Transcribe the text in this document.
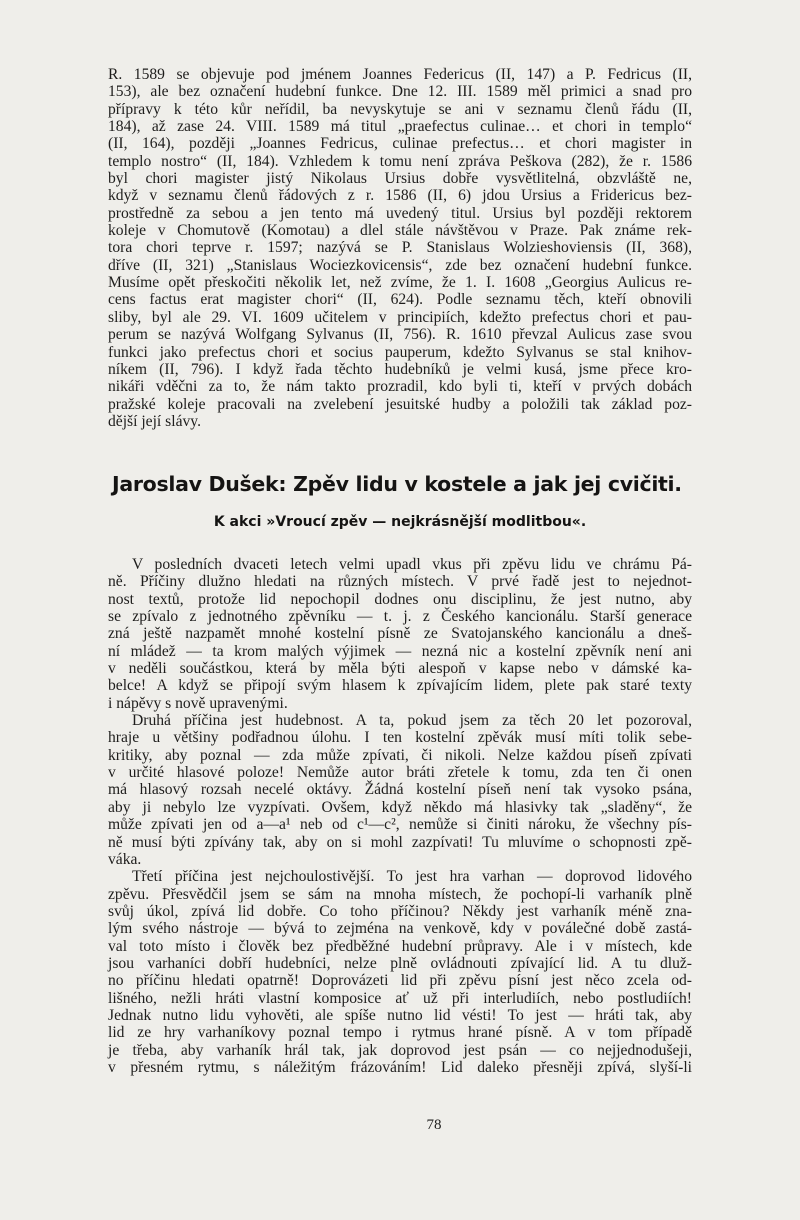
R. 1589 se objevuje pod jménem Joannes Federicus (II, 147) a P. Fedricus (II,
153), ale bez označení hudební funkce. Dne 12. III. 1589 měl primici a snad pro
přípravy k této kůr neřídil, ba nevyskytuje se ani v seznamu členů řádu (II,
184), až zase 24. VIII. 1589 má titul „praefectus culinae… et chori in templo“
(II, 164), později „Joannes Fedricus, culinae prefectus… et chori magister in
templo nostro“ (II, 184). Vzhledem k tomu není zpráva Peškova (282), že r. 1586
byl chori magister jistý Nikolaus Ursius dobře vysvětlitelná, obzvláště ne,
když v seznamu členů řádových z r. 1586 (II, 6) jdou Ursius a Fridericus bez-
prostředně za sebou a jen tento má uvedený titul. Ursius byl později rektorem
koleje v Chomutově (Komotau) a dlel stále návštěvou v Praze. Pak známe rek-
tora chori teprve r. 1597; nazývá se P. Stanislaus Wolzieshoviensis (II, 368),
dříve (II, 321) „Stanislaus Wociezkovicensis“, zde bez označení hudební funkce.
Musíme opět přeskočiti několik let, než zvíme, že 1. I. 1608 „Georgius Aulicus re-
cens factus erat magister chori“ (II, 624). Podle seznamu těch, kteří obnovili
sliby, byl ale 29. VI. 1609 učitelem v principiích, kdežto prefectus chori et pau-
perum se nazývá Wolfgang Sylvanus (II, 756). R. 1610 převzal Aulicus zase svou
funkci jako prefectus chori et socius pauperum, kdežto Sylvanus se stal knihov-
níkem (II, 796). I když řada těchto hudebníků je velmi kusá, jsme přece kro-
nikáři vděčni za to, že nám takto prozradil, kdo byli ti, kteří v prvých dobách
pražské koleje pracovali na zvelebení jesuitské hudby a položili tak základ poz-
dější její slávy.
Jaroslav Dušek: Zpěv lidu v kostele a jak jej cvičiti.
K akci »Vroucí zpěv — nejkrásnější modlitbou«.
V posledních dvaceti letech velmi upadl vkus při zpěvu lidu ve chrámu Pá-
ně. Příčiny dlužno hledati na různých místech. V prvé řadě jest to nejednot-
nost textů, protože lid nepochopil dodnes onu disciplinu, že jest nutno, aby
se zpívalo z jednotného zpěvníku — t. j. z Českého kancionálu. Starší generace
zná ještě nazpamět mnohé kostelní písně ze Svatojanského kancionálu a dneš-
ní mládež — ta krom malých výjimek — nezná nic a kostelní zpěvník není ani
v neděli součástkou, která by měla býti alespoň v kapse nebo v dámské ka-
belce! A když se připojí svým hlasem k zpívajícím lidem, plete pak staré texty
i nápěvy s nově upravenými.
Druhá příčina jest hudebnost. A ta, pokud jsem za těch 20 let pozoroval,
hraje u většiny podřadnou úlohu. I ten kostelní zpěvák musí míti tolik sebe-
kritiky, aby poznal — zda může zpívati, či nikoli. Nelze každou píseň zpívati
v určité hlasové poloze! Nemůže autor bráti zřetele k tomu, zda ten či onen
má hlasový rozsah necelé oktávy. Žádná kostelní píseň není tak vysoko psána,
aby ji nebylo lze vyzpívati. Ovšem, když někdo má hlasivky tak „sladěny“, že
může zpívati jen od a—a¹ neb od c¹—c², nemůže si činiti nároku, že všechny pís-
ně musí býti zpívány tak, aby on si mohl zazpívati! Tu mluvíme o schopnosti zpě-
váka.
Třetí příčina jest nejchoulostivější. To jest hra varhan — doprovod lidového
zpěvu. Přesvědčil jsem se sám na mnoha místech, že pochopí-li varhaník plně
svůj úkol, zpívá lid dobře. Co toho příčinou? Někdy jest varhaník méně zna-
lým svého nástroje — bývá to zejména na venkově, kdy v poválečné době zastá-
val toto místo i člověk bez předběžné hudební průpravy. Ale i v místech, kde
jsou varhaníci dobří hudebníci, nelze plně ovládnouti zpívající lid. A tu dluž-
no příčinu hledati opatrně! Doprovázeti lid při zpěvu písní jest něco zcela od-
lišného, nežli hráti vlastní komposice ať už při interludiích, nebo postludiích!
Jednak nutno lidu vyhověti, ale spíše nutno lid vésti! To jest — hráti tak, aby
lid ze hry varhaníkovy poznal tempo i rytmus hrané písně. A v tom případě
je třeba, aby varhaník hrál tak, jak doprovod jest psán — co nejjednodušeji,
v přesném rytmu, s náležitým frázováním! Lid daleko přesněji zpívá, slyší-li
78
